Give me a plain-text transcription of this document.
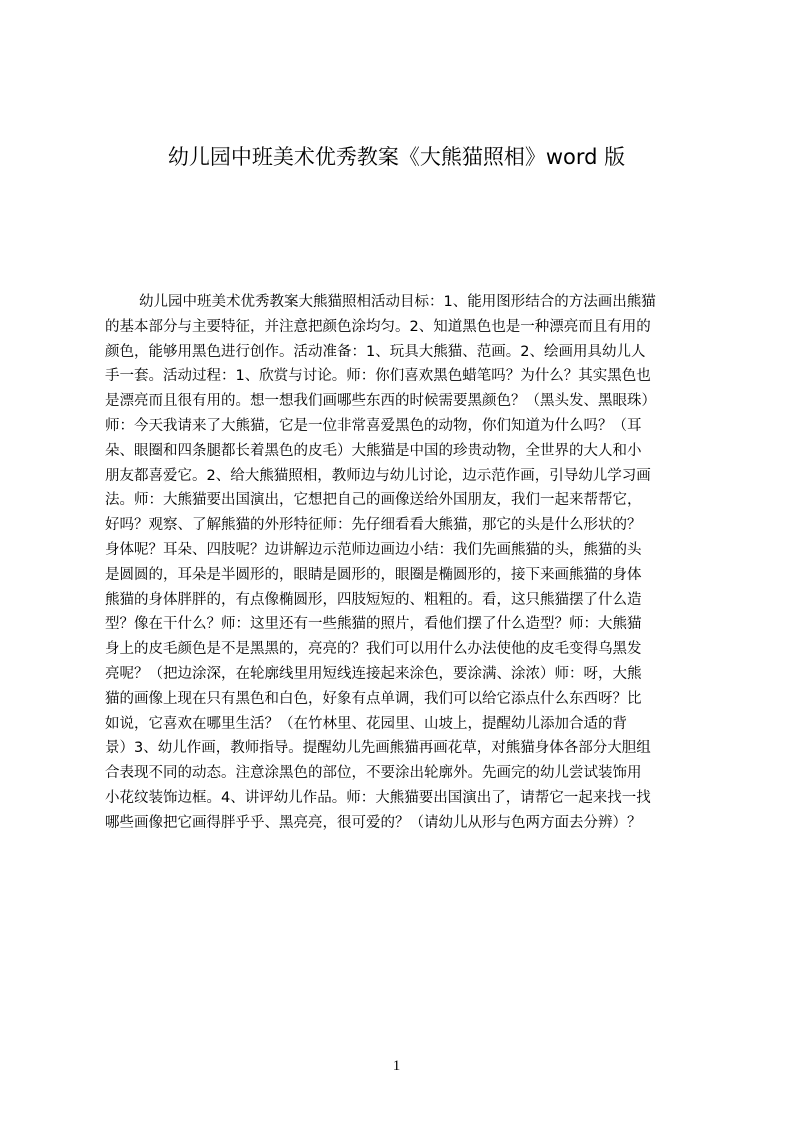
幼儿园中班美术优秀教案《大熊猫照相》word 版
幼儿园中班美术优秀教案大熊猫照相活动目标：1、能用图形结合的方法画出熊猫
的基本部分与主要特征，并注意把颜色涂均匀。2、知道黑色也是一种漂亮而且有用的
颜色，能够用黑色进行创作。活动准备：1、玩具大熊猫、范画。2、绘画用具幼儿人
手一套。活动过程：1、欣赏与讨论。师：你们喜欢黑色蜡笔吗？为什么？其实黑色也
是漂亮而且很有用的。想一想我们画哪些东西的时候需要黑颜色？（黑头发、黑眼珠）
师：今天我请来了大熊猫，它是一位非常喜爱黑色的动物，你们知道为什么吗？（耳
朵、眼圈和四条腿都长着黑色的皮毛）大熊猫是中国的珍贵动物，全世界的大人和小
朋友都喜爱它。2、给大熊猫照相，教师边与幼儿讨论，边示范作画，引导幼儿学习画
法。师：大熊猫要出国演出，它想把自己的画像送给外国朋友，我们一起来帮帮它，
好吗？观察、了解熊猫的外形特征师：先仔细看看大熊猫，那它的头是什么形状的？
身体呢？耳朵、四肢呢？边讲解边示范师边画边小结：我们先画熊猫的头，熊猫的头
是圆圆的，耳朵是半圆形的，眼睛是圆形的，眼圈是椭圆形的，接下来画熊猫的身体
熊猫的身体胖胖的，有点像椭圆形，四肢短短的、粗粗的。看，这只熊猫摆了什么造
型？像在干什么？师：这里还有一些熊猫的照片，看他们摆了什么造型？师：大熊猫
身上的皮毛颜色是不是黑黑的，亮亮的？我们可以用什么办法使他的皮毛变得乌黑发
亮呢？（把边涂深，在轮廓线里用短线连接起来涂色，要涂满、涂浓）师：呀，大熊
猫的画像上现在只有黑色和白色，好象有点单调，我们可以给它添点什么东西呀？比
如说，它喜欢在哪里生活？（在竹林里、花园里、山坡上，提醒幼儿添加合适的背
景）3、幼儿作画，教师指导。提醒幼儿先画熊猫再画花草，对熊猫身体各部分大胆组
合表现不同的动态。注意涂黑色的部位，不要涂出轮廓外。先画完的幼儿尝试装饰用
小花纹装饰边框。4、讲评幼儿作品。师：大熊猫要出国演出了，请帮它一起来找一找
哪些画像把它画得胖乎乎、黑亮亮，很可爱的？（请幼儿从形与色两方面去分辨）？
1
